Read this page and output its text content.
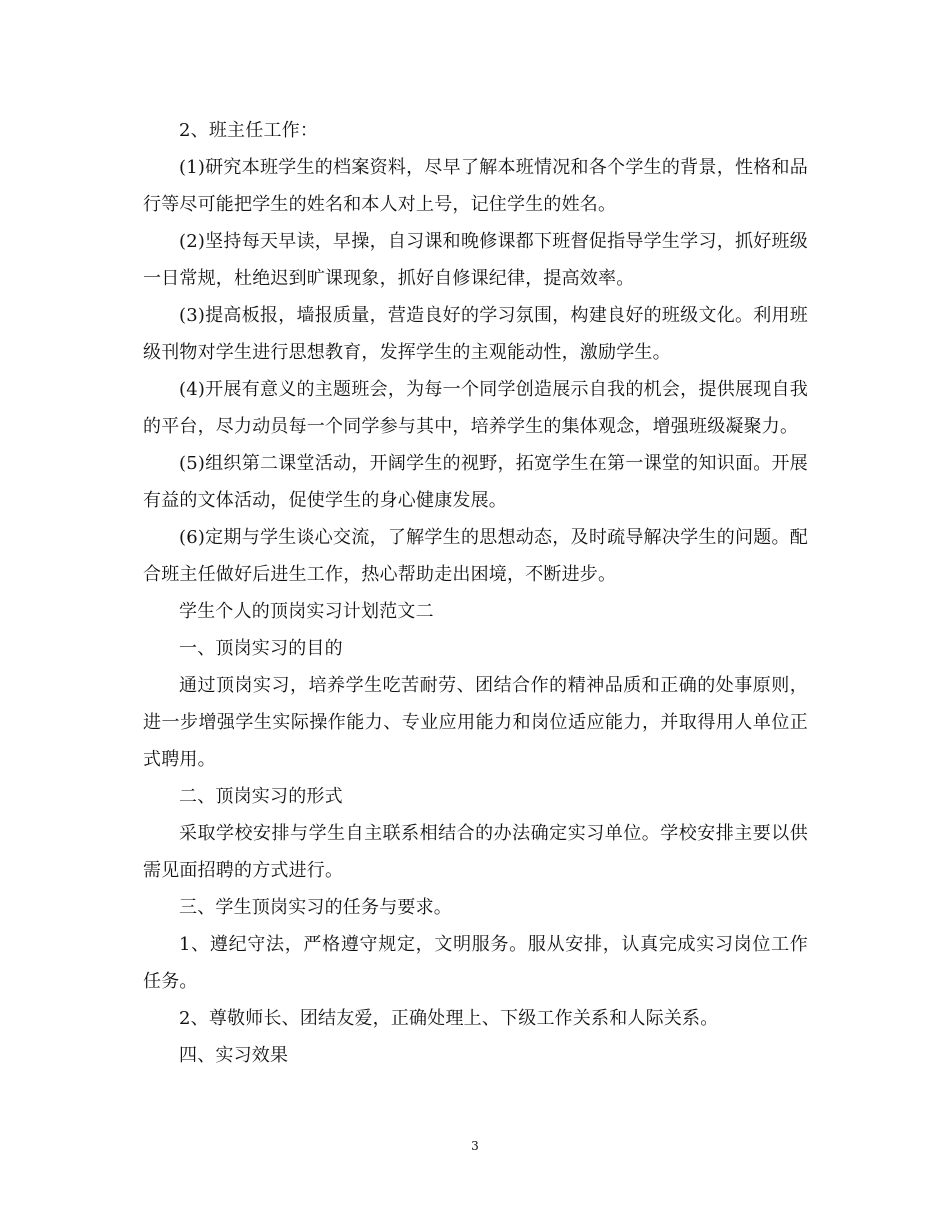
2、班主任工作：

(1)研究本班学生的档案资料，尽早了解本班情况和各个学生的背景，性格和品行等尽可能把学生的姓名和本人对上号，记住学生的姓名。

(2)坚持每天早读，早操，自习课和晚修课都下班督促指导学生学习，抓好班级一日常规，杜绝迟到旷课现象，抓好自修课纪律，提高效率。

(3)提高板报，墙报质量，营造良好的学习氛围，构建良好的班级文化。利用班级刊物对学生进行思想教育，发挥学生的主观能动性，激励学生。

(4)开展有意义的主题班会，为每一个同学创造展示自我的机会，提供展现自我的平台，尽力动员每一个同学参与其中，培养学生的集体观念，增强班级凝聚力。

(5)组织第二课堂活动，开阔学生的视野，拓宽学生在第一课堂的知识面。开展有益的文体活动，促使学生的身心健康发展。

(6)定期与学生谈心交流，了解学生的思想动态，及时疏导解决学生的问题。配合班主任做好后进生工作，热心帮助走出困境，不断进步。

学生个人的顶岗实习计划范文二

一、顶岗实习的目的

通过顶岗实习，培养学生吃苦耐劳、团结合作的精神品质和正确的处事原则，进一步增强学生实际操作能力、专业应用能力和岗位适应能力，并取得用人单位正式聘用。

二、顶岗实习的形式

采取学校安排与学生自主联系相结合的办法确定实习单位。学校安排主要以供需见面招聘的方式进行。

三、学生顶岗实习的任务与要求。

1、遵纪守法，严格遵守规定，文明服务。服从安排，认真完成实习岗位工作任务。

2、尊敬师长、团结友爱，正确处理上、下级工作关系和人际关系。

四、实习效果

3
